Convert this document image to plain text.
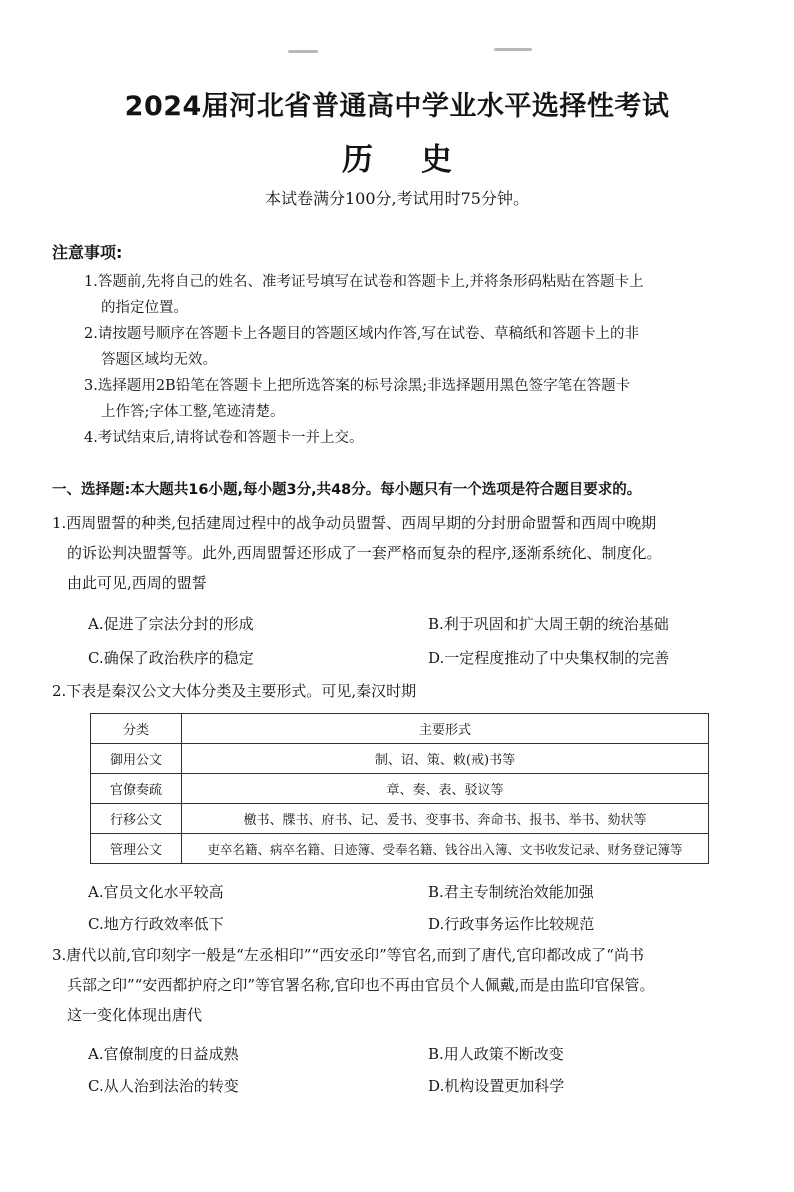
2024届河北省普通高中学业水平选择性考试
历史
本试卷满分100分,考试用时75分钟。
注意事项:
1.答题前,先将自己的姓名、准考证号填写在试卷和答题卡上,并将条形码粘贴在答题卡上
的指定位置。
2.请按题号顺序在答题卡上各题目的答题区域内作答,写在试卷、草稿纸和答题卡上的非
答题区域均无效。
3.选择题用2B铅笔在答题卡上把所选答案的标号涂黑;非选择题用黑色签字笔在答题卡
上作答;字体工整,笔迹清楚。
4.考试结束后,请将试卷和答题卡一并上交。
一、选择题:本大题共16小题,每小题3分,共48分。每小题只有一个选项是符合题目要求的。
1.西周盟誓的种类,包括建周过程中的战争动员盟誓、西周早期的分封册命盟誓和西周中晚期
的诉讼判决盟誓等。此外,西周盟誓还形成了一套严格而复杂的程序,逐渐系统化、制度化。
由此可见,西周的盟誓
A.促进了宗法分封的形成	B.利于巩固和扩大周王朝的统治基础
C.确保了政治秩序的稳定	D.一定程度推动了中央集权制的完善
2.下表是秦汉公文大体分类及主要形式。可见,秦汉时期
分类	主要形式
御用公文	制、诏、策、敕(戒)书等
官僚奏疏	章、奏、表、驳议等
行移公文	檄书、牒书、府书、记、爰书、变事书、奔命书、报书、举书、劾状等
管理公文	吏卒名籍、病卒名籍、日迹簿、受奉名籍、钱谷出入簿、文书收发记录、财务登记簿等
A.官员文化水平较高	B.君主专制统治效能加强
C.地方行政效率低下	D.行政事务运作比较规范
3.唐代以前,官印刻字一般是“左丞相印”“西安丞印”等官名,而到了唐代,官印都改成了“尚书
兵部之印”“安西都护府之印”等官署名称,官印也不再由官员个人佩戴,而是由监印官保管。
这一变化体现出唐代
A.官僚制度的日益成熟	B.用人政策不断改变
C.从人治到法治的转变	D.机构设置更加科学
